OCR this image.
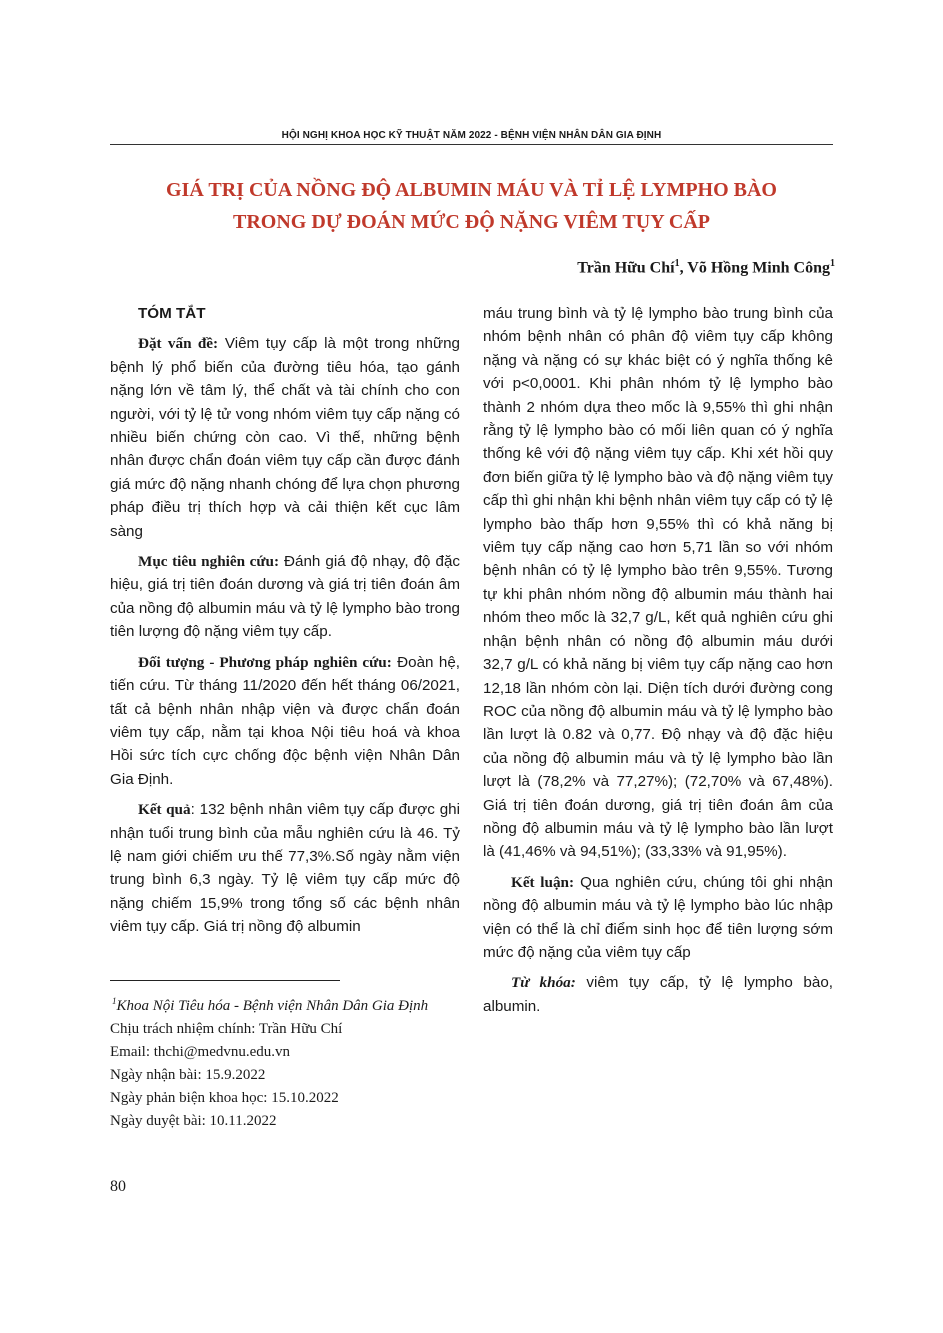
HỘI NGHỊ KHOA HỌC KỸ THUẬT NĂM 2022 - BỆNH VIỆN NHÂN DÂN GIA ĐỊNH
GIÁ TRỊ CỦA NỒNG ĐỘ ALBUMIN MÁU VÀ TỈ LỆ LYMPHO BÀO
TRONG DỰ ĐOÁN MỨC ĐỘ NẶNG VIÊM TỤY CẤP
Trần Hữu Chí$^1$, Võ Hồng Minh Công$^1$

TÓM TẮT

Đặt vấn đề: Viêm tụy cấp là một trong những bệnh lý phổ biến của đường tiêu hóa, tạo gánh nặng lớn về tâm lý, thể chất và tài chính cho con người, với tỷ lệ tử vong nhóm viêm tụy cấp nặng có nhiều biến chứng còn cao. Vì thế, những bệnh nhân được chẩn đoán viêm tụy cấp cần được đánh giá mức độ nặng nhanh chóng để lựa chọn phương pháp điều trị thích hợp và cải thiện kết cục lâm sàng

Mục tiêu nghiên cứu: Đánh giá độ nhạy, độ đặc hiệu, giá trị tiên đoán dương và giá trị tiên đoán âm của nồng độ albumin máu và tỷ lệ lympho bào trong tiên lượng độ nặng viêm tụy cấp.

Đối tượng - Phương pháp nghiên cứu: Đoàn hệ, tiến cứu. Từ tháng 11/2020 đến hết tháng 06/2021, tất cả bệnh nhân nhập viện và được chẩn đoán viêm tụy cấp, nằm tại khoa Nội tiêu hoá và khoa Hồi sức tích cực chống độc bệnh viện Nhân Dân Gia Định.

Kết quả: 132 bệnh nhân viêm tụy cấp được ghi nhận tuổi trung bình của mẫu nghiên cứu là 46. Tỷ lệ nam giới chiếm ưu thế 77,3%.Số ngày nằm viện trung bình 6,3 ngày. Tỷ lệ viêm tụy cấp mức độ nặng chiếm 15,9% trong tổng số các bệnh nhân viêm tụy cấp. Giá trị nồng độ albumin

$^1$Khoa Nội Tiêu hóa - Bệnh viện Nhân Dân Gia Định
Chịu trách nhiệm chính: Trần Hữu Chí
Email: thchi@medvnu.edu.vn
Ngày nhận bài: 15.9.2022
Ngày phản biện khoa học: 15.10.2022
Ngày duyệt bài: 10.11.2022

máu trung bình và tỷ lệ lympho bào trung bình của nhóm bệnh nhân có phân độ viêm tụy cấp không nặng và nặng có sự khác biệt có ý nghĩa thống kê với p<0,0001. Khi phân nhóm tỷ lệ lympho bào thành 2 nhóm dựa theo mốc là 9,55% thì ghi nhận rằng tỷ lệ lympho bào có mối liên quan có ý nghĩa thống kê với độ nặng viêm tụy cấp. Khi xét hồi quy đơn biến giữa tỷ lệ lympho bào và độ nặng viêm tụy cấp thì ghi nhận khi bệnh nhân viêm tụy cấp có tỷ lệ lympho bào thấp hơn 9,55% thì có khả năng bị viêm tụy cấp nặng cao hơn 5,71 lần so với nhóm bệnh nhân có tỷ lệ lympho bào trên 9,55%. Tương tự khi phân nhóm nồng độ albumin máu thành hai nhóm theo mốc là 32,7 g/L, kết quả nghiên cứu ghi nhận bệnh nhân có nồng độ albumin máu dưới 32,7 g/L có khả năng bị viêm tụy cấp nặng cao hơn 12,18 lần nhóm còn lại. Diện tích dưới đường cong ROC của nồng độ albumin máu và tỷ lệ lympho bào lần lượt là 0.82 và 0,77. Độ nhạy và độ đặc hiệu của nồng độ albumin máu và tỷ lệ lympho bào lần lượt là (78,2% và 77,27%); (72,70% và 67,48%). Giá trị tiên đoán dương, giá trị tiên đoán âm của nồng độ albumin máu và tỷ lệ lympho bào lần lượt là (41,46% và 94,51%); (33,33% và 91,95%).

Kết luận: Qua nghiên cứu, chúng tôi ghi nhận nồng độ albumin máu và tỷ lệ lympho bào lúc nhập viện có thể là chỉ điểm sinh học để tiên lượng sớm mức độ nặng của viêm tụy cấp

Từ khóa: viêm tụy cấp, tỷ lệ lympho bào, albumin.

80
